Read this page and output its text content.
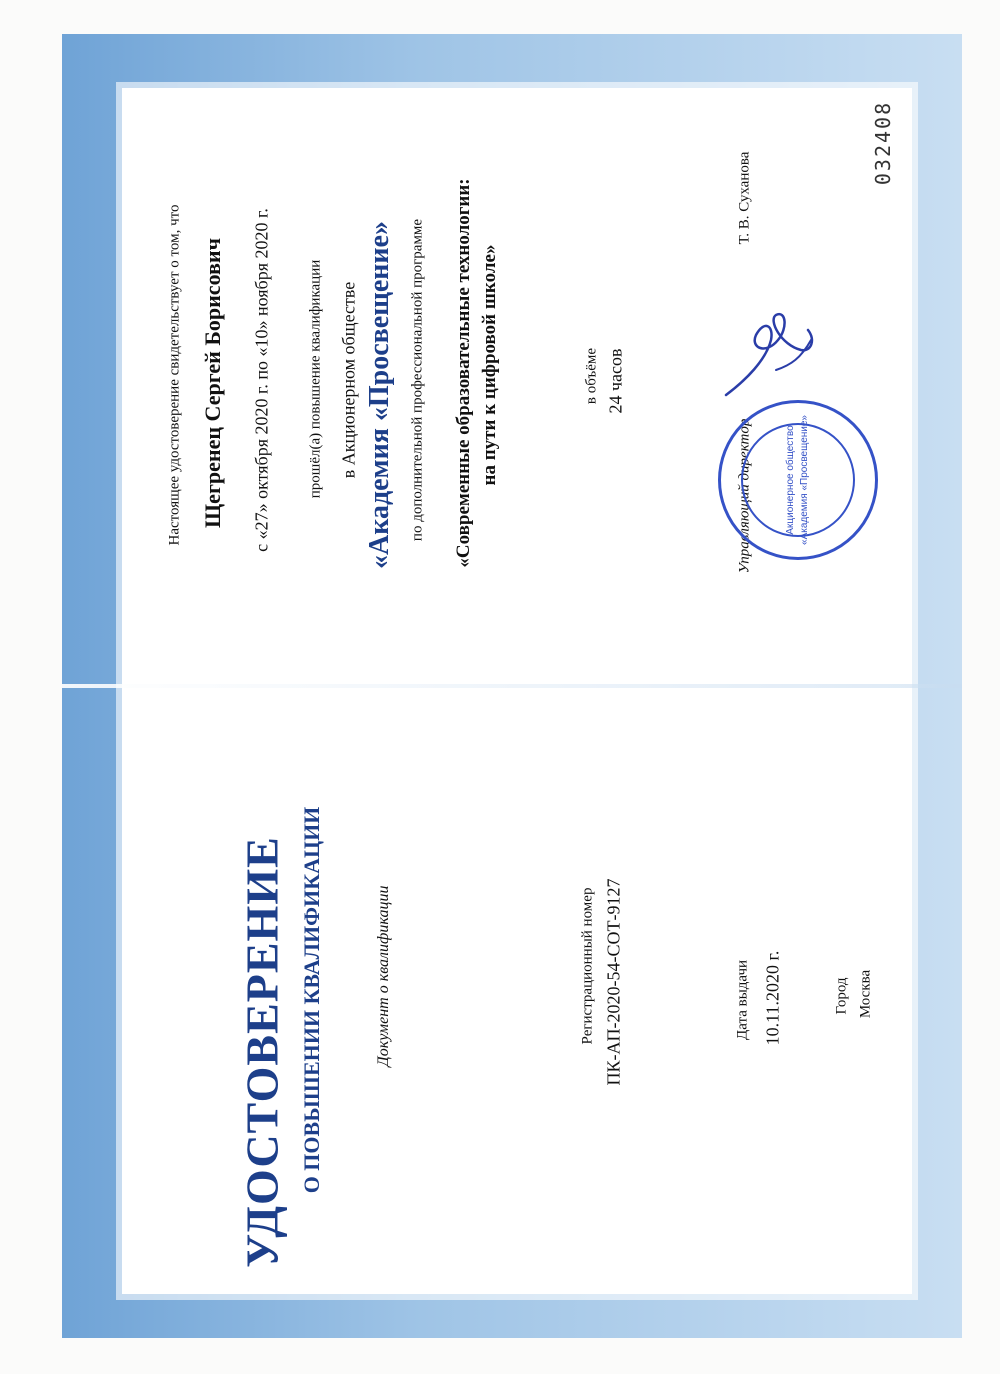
УДОСТОВЕРЕНИЕ О ПОВЫШЕНИИ КВАЛИФИКАЦИИ	Документ о квалификации	Регистрационный номер ПК-АП-2020-54-СОТ-9127	Дата выдачи 10.11.2020 г.	Город Москва
Настоящее удостоверение свидетельствует о том, что Щегренец Сергей Борисович с «27» октября 2020 г. по «10» ноября 2020 г. прошёл(а) повышение квалификации в Акционерном обществе «Академия «Просвещение» по дополнительной профессиональной программе «Современные образовательные технологии: на пути к цифровой школе»	в объёме 24 часов
Управляющий директор
Т. В. Суханова
032408
Акционерное общество «Академия «Просвещение»
